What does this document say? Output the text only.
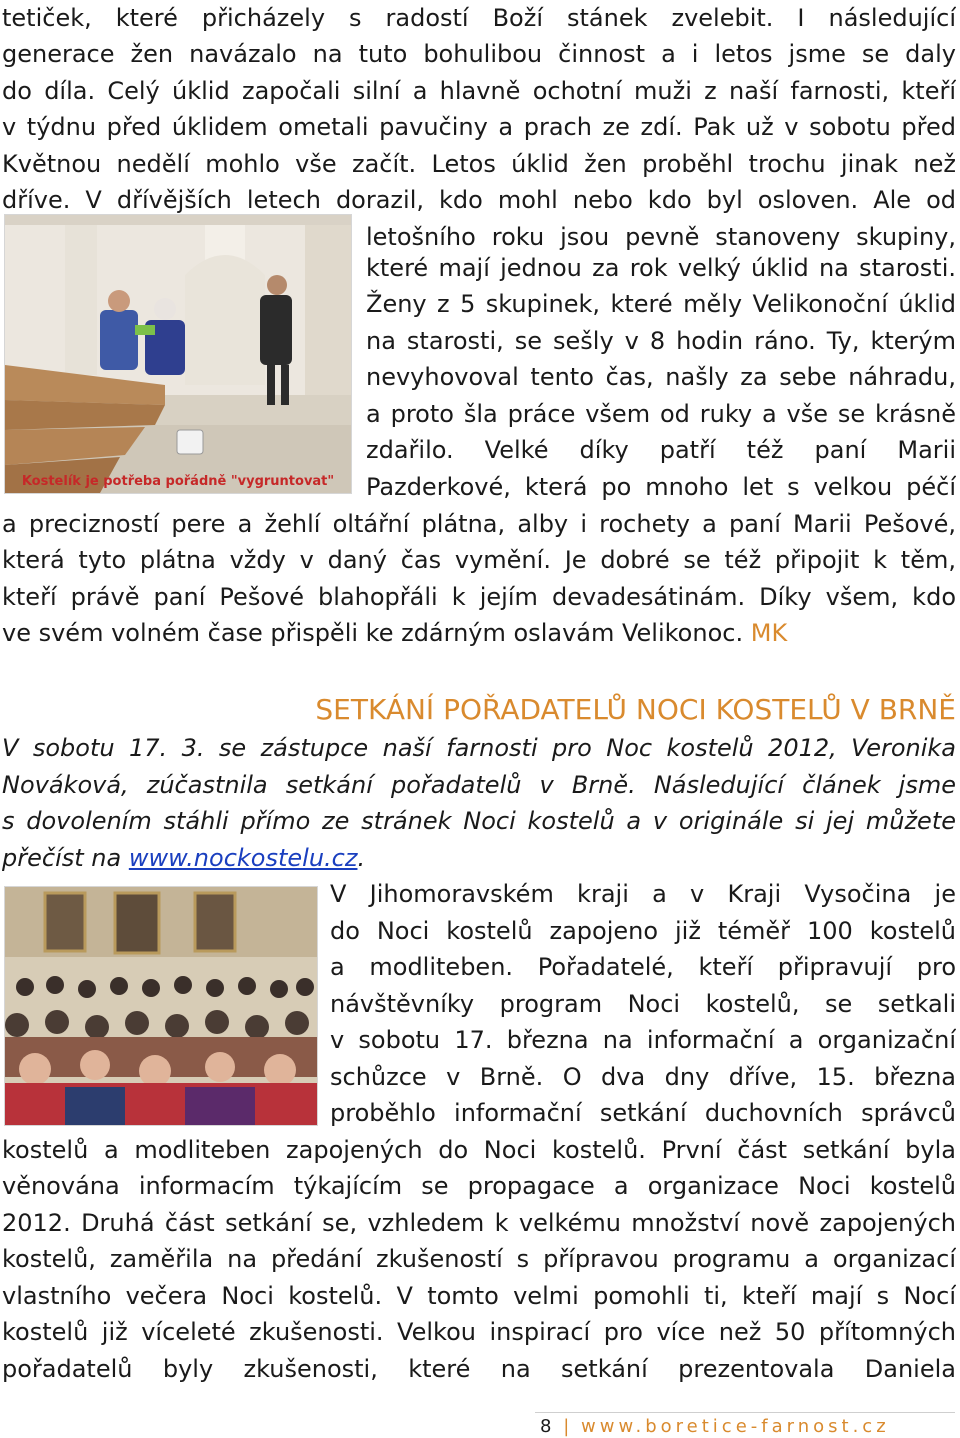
tetiček, které přicházely s radostí Boží stánek zvelebit. I následující
generace žen navázalo na tuto bohulibou činnost a i letos jsme se daly
do díla. Celý úklid započali silní a hlavně ochotní muži z naší farnosti, kteří
v týdnu před úklidem ometali pavučiny a prach ze zdí. Pak už v sobotu před
Květnou nedělí mohlo vše začít. Letos úklid žen proběhl trochu jinak než
dříve. V dřívějších letech dorazil, kdo mohl nebo kdo byl osloven. Ale od
Kostelík je potřeba pořádně "vygruntovat"
letošního roku jsou pevně stanoveny skupiny,
které mají jednou za rok velký úklid na starosti.
Ženy z 5 skupinek, které měly Velikonoční úklid
na starosti, se sešly v 8 hodin ráno. Ty, kterým
nevyhovoval tento čas, našly za sebe náhradu,
a proto šla práce všem od ruky a vše se krásně
zdařilo. Velké díky patří též paní Marii
Pazderkové, která po mnoho let s velkou péčí
a precizností pere a žehlí oltářní plátna, alby i rochety a paní Marii Pešové,
která tyto plátna vždy v daný čas vymění. Je dobré se též připojit k těm,
kteří právě paní Pešové blahopřáli k jejím devadesátinám. Díky všem, kdo
ve svém volném čase přispěli ke zdárným oslavám Velikonoc. MK
SETKÁNÍ POŘADATELŮ NOCI KOSTELŮ V BRNĚ
V sobotu 17. 3. se zástupce naší farnosti pro Noc kostelů 2012, Veronika
Nováková, zúčastnila setkání pořadatelů v Brně. Následující článek jsme
s dovolením stáhli přímo ze stránek Noci kostelů a v originále si jej můžete
přečíst na www.nockostelu.cz.
V Jihomoravském kraji a v Kraji Vysočina je
do Noci kostelů zapojeno již téměř 100 kostelů
a modliteben. Pořadatelé, kteří připravují pro
návštěvníky program Noci kostelů, se setkali
v sobotu 17. března na informační a organizační
schůzce v Brně. O dva dny dříve, 15. března
proběhlo informační setkání duchovních správců
kostelů a modliteben zapojených do Noci kostelů. První část setkání byla
věnována informacím týkajícím se propagace a organizace Noci kostelů
2012. Druhá část setkání se, vzhledem k velkému množství nově zapojených
kostelů, zaměřila na předání zkušeností s přípravou programu a organizací
vlastního večera Noci kostelů. V tomto velmi pomohli ti, kteří mají s Nocí
kostelů již víceleté zkušenosti. Velkou inspirací pro více než 50 přítomných
pořadatelů byly zkušenosti, které na setkání prezentovala Daniela
8 | www.boretice-farnost.cz
